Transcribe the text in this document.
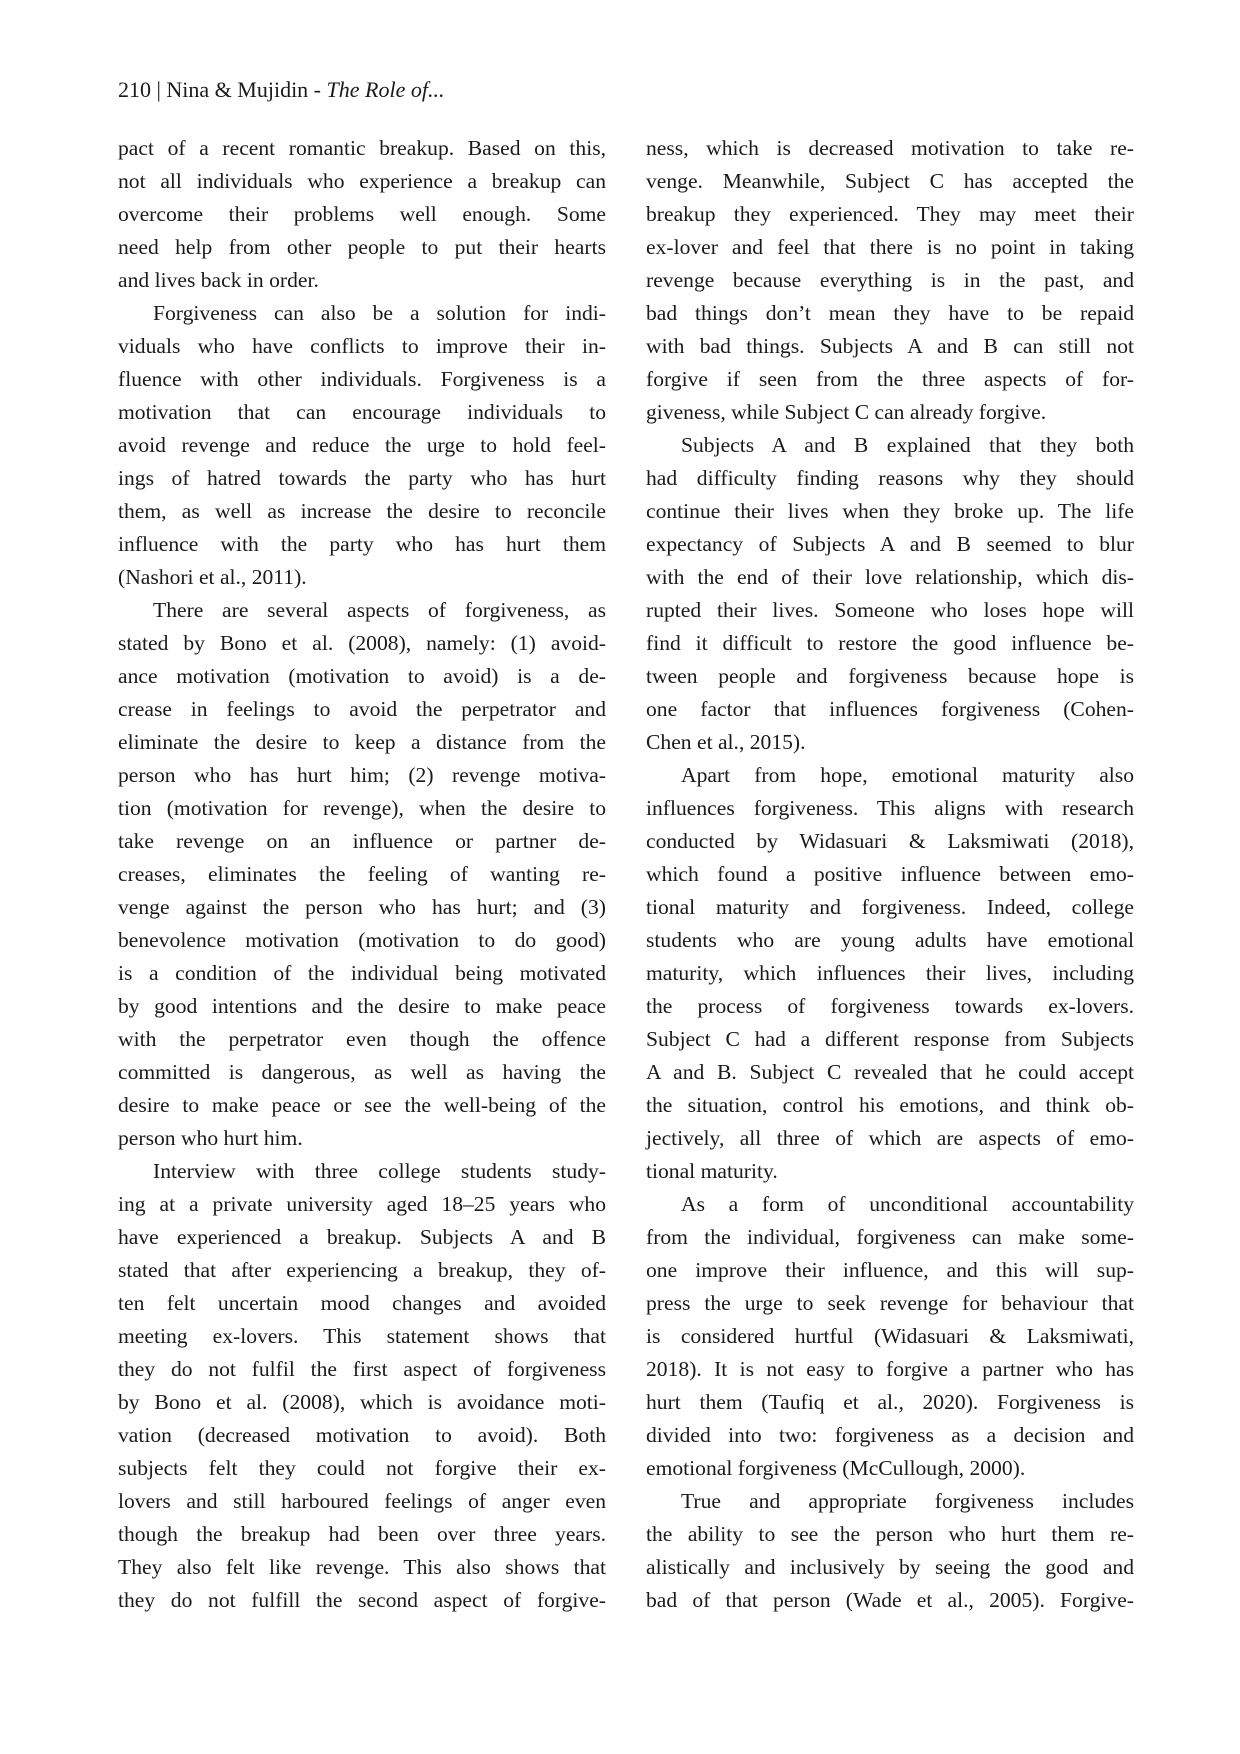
210 | Nina & Mujidin - The Role of...
pact of a recent romantic breakup. Based on this,
not all individuals who experience a breakup can
overcome their problems well enough. Some
need help from other people to put their hearts
and lives back in order.
Forgiveness can also be a solution for indi-
viduals who have conflicts to improve their in-
fluence with other individuals. Forgiveness is a
motivation that can encourage individuals to
avoid revenge and reduce the urge to hold feel-
ings of hatred towards the party who has hurt
them, as well as increase the desire to reconcile
influence with the party who has hurt them
(Nashori et al., 2011).
There are several aspects of forgiveness, as
stated by Bono et al. (2008), namely: (1) avoid-
ance motivation (motivation to avoid) is a de-
crease in feelings to avoid the perpetrator and
eliminate the desire to keep a distance from the
person who has hurt him; (2) revenge motiva-
tion (motivation for revenge), when the desire to
take revenge on an influence or partner de-
creases, eliminates the feeling of wanting re-
venge against the person who has hurt; and (3)
benevolence motivation (motivation to do good)
is a condition of the individual being motivated
by good intentions and the desire to make peace
with the perpetrator even though the offence
committed is dangerous, as well as having the
desire to make peace or see the well-being of the
person who hurt him.
Interview with three college students study-
ing at a private university aged 18–25 years who
have experienced a breakup. Subjects A and B
stated that after experiencing a breakup, they of-
ten felt uncertain mood changes and avoided
meeting ex-lovers. This statement shows that
they do not fulfil the first aspect of forgiveness
by Bono et al. (2008), which is avoidance moti-
vation (decreased motivation to avoid). Both
subjects felt they could not forgive their ex-
lovers and still harboured feelings of anger even
though the breakup had been over three years.
They also felt like revenge. This also shows that
they do not fulfill the second aspect of forgive-
ness, which is decreased motivation to take re-
venge. Meanwhile, Subject C has accepted the
breakup they experienced. They may meet their
ex-lover and feel that there is no point in taking
revenge because everything is in the past, and
bad things don’t mean they have to be repaid
with bad things. Subjects A and B can still not
forgive if seen from the three aspects of for-
giveness, while Subject C can already forgive.
Subjects A and B explained that they both
had difficulty finding reasons why they should
continue their lives when they broke up. The life
expectancy of Subjects A and B seemed to blur
with the end of their love relationship, which dis-
rupted their lives. Someone who loses hope will
find it difficult to restore the good influence be-
tween people and forgiveness because hope is
one factor that influences forgiveness (Cohen-
Chen et al., 2015).
Apart from hope, emotional maturity also
influences forgiveness. This aligns with research
conducted by Widasuari & Laksmiwati (2018),
which found a positive influence between emo-
tional maturity and forgiveness. Indeed, college
students who are young adults have emotional
maturity, which influences their lives, including
the process of forgiveness towards ex-lovers.
Subject C had a different response from Subjects
A and B. Subject C revealed that he could accept
the situation, control his emotions, and think ob-
jectively, all three of which are aspects of emo-
tional maturity.
As a form of unconditional accountability
from the individual, forgiveness can make some-
one improve their influence, and this will sup-
press the urge to seek revenge for behaviour that
is considered hurtful (Widasuari & Laksmiwati,
2018). It is not easy to forgive a partner who has
hurt them (Taufiq et al., 2020). Forgiveness is
divided into two: forgiveness as a decision and
emotional forgiveness (McCullough, 2000).
True and appropriate forgiveness includes
the ability to see the person who hurt them re-
alistically and inclusively by seeing the good and
bad of that person (Wade et al., 2005). Forgive-
